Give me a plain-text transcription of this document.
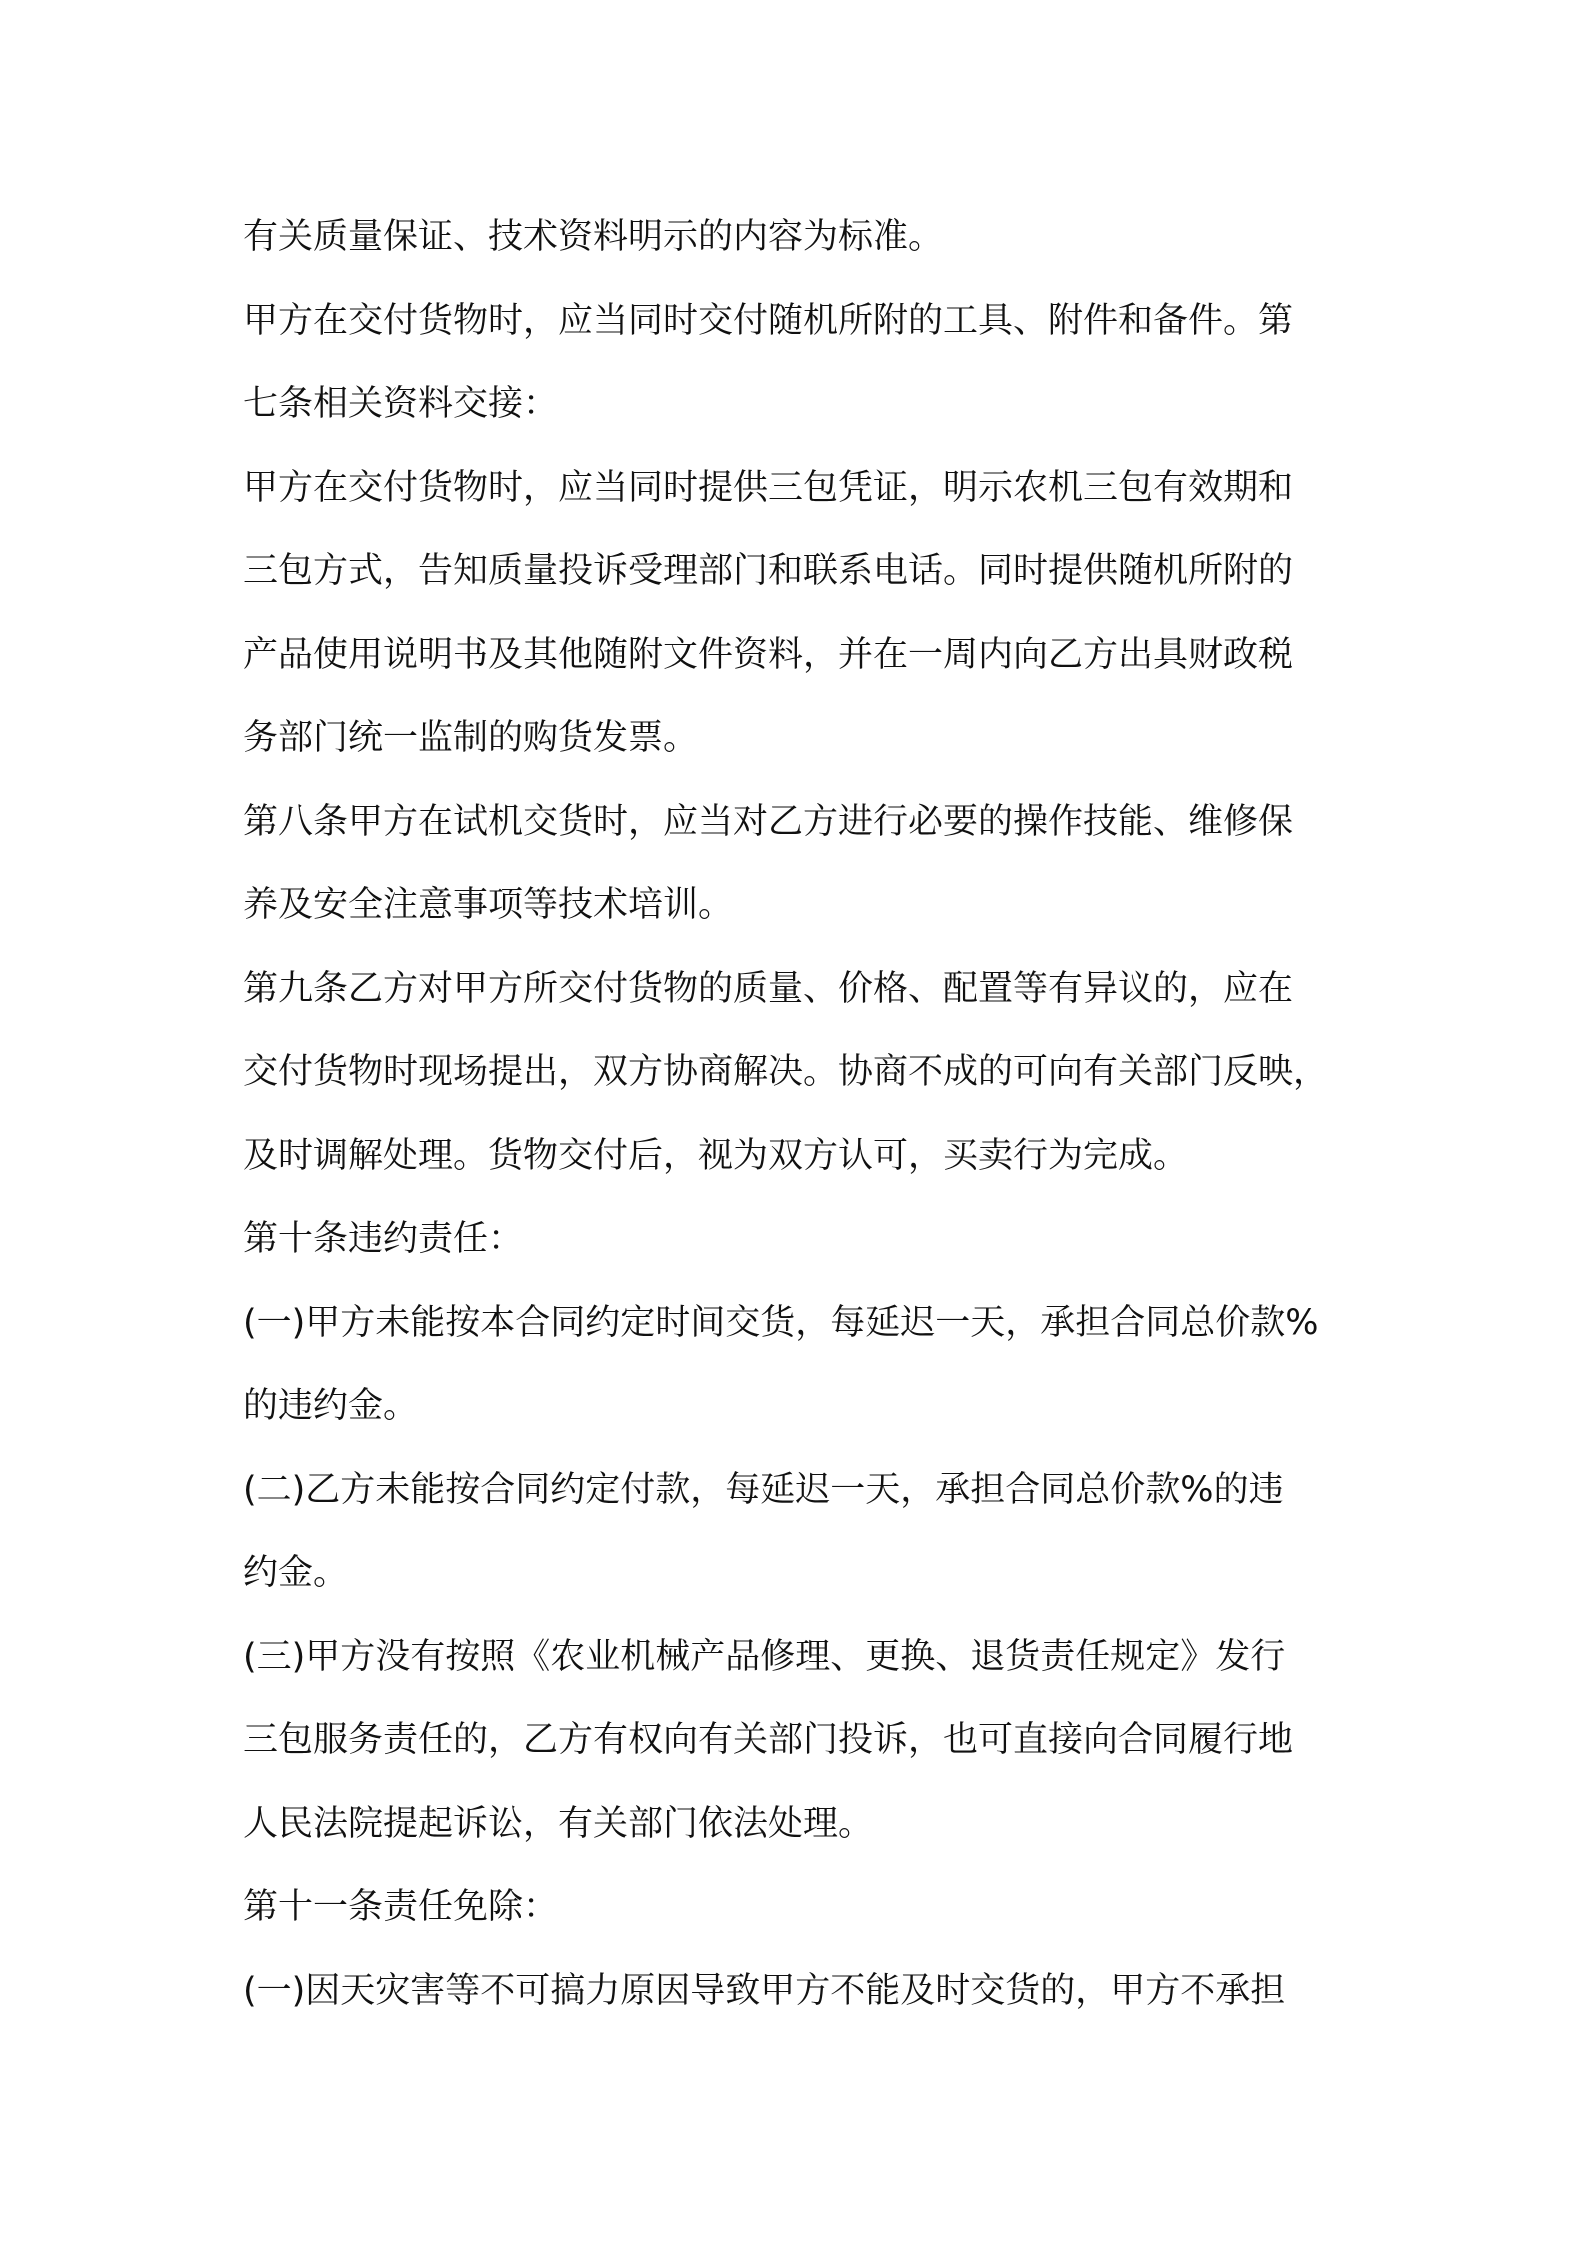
有关质量保证、技术资料明示的内容为标准。
甲方在交付货物时，应当同时交付随机所附的工具、附件和备件。第
七条相关资料交接：
甲方在交付货物时，应当同时提供三包凭证，明示农机三包有效期和
三包方式，告知质量投诉受理部门和联系电话。同时提供随机所附的
产品使用说明书及其他随附文件资料，并在一周内向乙方出具财政税
务部门统一监制的购货发票。
第八条甲方在试机交货时，应当对乙方进行必要的操作技能、维修保
养及安全注意事项等技术培训。
第九条乙方对甲方所交付货物的质量、价格、配置等有异议的，应在
交付货物时现场提出，双方协商解决。协商不成的可向有关部门反映，
及时调解处理。货物交付后，视为双方认可，买卖行为完成。
第十条违约责任：
(一)甲方未能按本合同约定时间交货，每延迟一天，承担合同总价款%
的违约金。
(二)乙方未能按合同约定付款，每延迟一天，承担合同总价款%的违
约金。
(三)甲方没有按照《农业机械产品修理、更换、退货责任规定》发行
三包服务责任的，乙方有权向有关部门投诉，也可直接向合同履行地
人民法院提起诉讼，有关部门依法处理。
第十一条责任免除：
(一)因天灾害等不可搞力原因导致甲方不能及时交货的，甲方不承担
